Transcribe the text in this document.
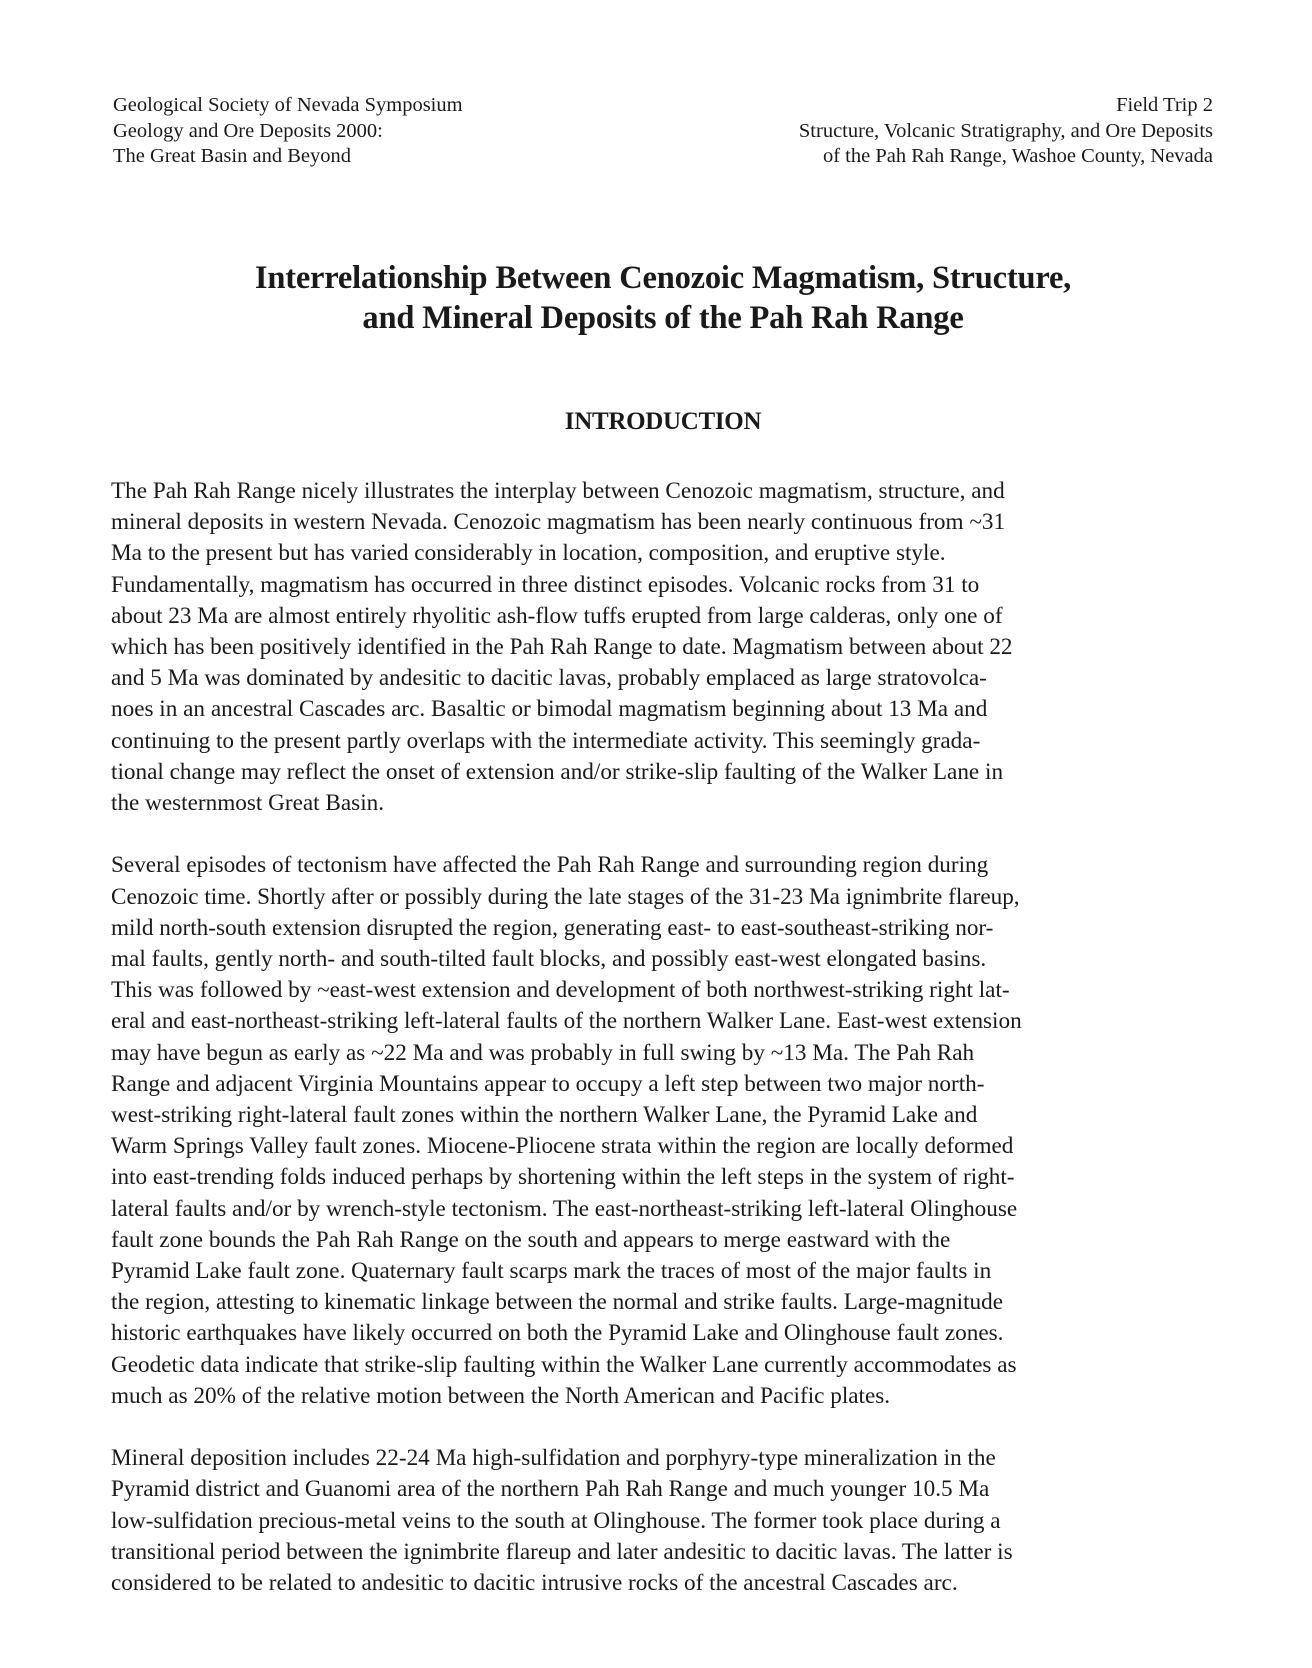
Geological Society of Nevada Symposium
Geology and Ore Deposits 2000:
The Great Basin and Beyond
Field Trip 2
Structure, Volcanic Stratigraphy, and Ore Deposits
of the Pah Rah Range, Washoe County, Nevada
Interrelationship Between Cenozoic Magmatism, Structure,
and Mineral Deposits of the Pah Rah Range
INTRODUCTION
The Pah Rah Range nicely illustrates the interplay between Cenozoic magmatism, structure, and
mineral deposits in western Nevada. Cenozoic magmatism has been nearly continuous from ~31
Ma to the present but has varied considerably in location, composition, and eruptive style.
Fundamentally, magmatism has occurred in three distinct episodes. Volcanic rocks from 31 to
about 23 Ma are almost entirely rhyolitic ash-flow tuffs erupted from large calderas, only one of
which has been positively identified in the Pah Rah Range to date. Magmatism between about 22
and 5 Ma was dominated by andesitic to dacitic lavas, probably emplaced as large stratovolca-
noes in an ancestral Cascades arc. Basaltic or bimodal magmatism beginning about 13 Ma and
continuing to the present partly overlaps with the intermediate activity. This seemingly grada-
tional change may reflect the onset of extension and/or strike-slip faulting of the Walker Lane in
the westernmost Great Basin.
Several episodes of tectonism have affected the Pah Rah Range and surrounding region during
Cenozoic time. Shortly after or possibly during the late stages of the 31-23 Ma ignimbrite flareup,
mild north-south extension disrupted the region, generating east- to east-southeast-striking nor-
mal faults, gently north- and south-tilted fault blocks, and possibly east-west elongated basins.
This was followed by ~east-west extension and development of both northwest-striking right lat-
eral and east-northeast-striking left-lateral faults of the northern Walker Lane. East-west extension
may have begun as early as ~22 Ma and was probably in full swing by ~13 Ma. The Pah Rah
Range and adjacent Virginia Mountains appear to occupy a left step between two major north-
west-striking right-lateral fault zones within the northern Walker Lane, the Pyramid Lake and
Warm Springs Valley fault zones. Miocene-Pliocene strata within the region are locally deformed
into east-trending folds induced perhaps by shortening within the left steps in the system of right-
lateral faults and/or by wrench-style tectonism. The east-northeast-striking left-lateral Olinghouse
fault zone bounds the Pah Rah Range on the south and appears to merge eastward with the
Pyramid Lake fault zone. Quaternary fault scarps mark the traces of most of the major faults in
the region, attesting to kinematic linkage between the normal and strike faults. Large-magnitude
historic earthquakes have likely occurred on both the Pyramid Lake and Olinghouse fault zones.
Geodetic data indicate that strike-slip faulting within the Walker Lane currently accommodates as
much as 20% of the relative motion between the North American and Pacific plates.
Mineral deposition includes 22-24 Ma high-sulfidation and porphyry-type mineralization in the
Pyramid district and Guanomi area of the northern Pah Rah Range and much younger 10.5 Ma
low-sulfidation precious-metal veins to the south at Olinghouse. The former took place during a
transitional period between the ignimbrite flareup and later andesitic to dacitic lavas. The latter is
considered to be related to andesitic to dacitic intrusive rocks of the ancestral Cascades arc.
